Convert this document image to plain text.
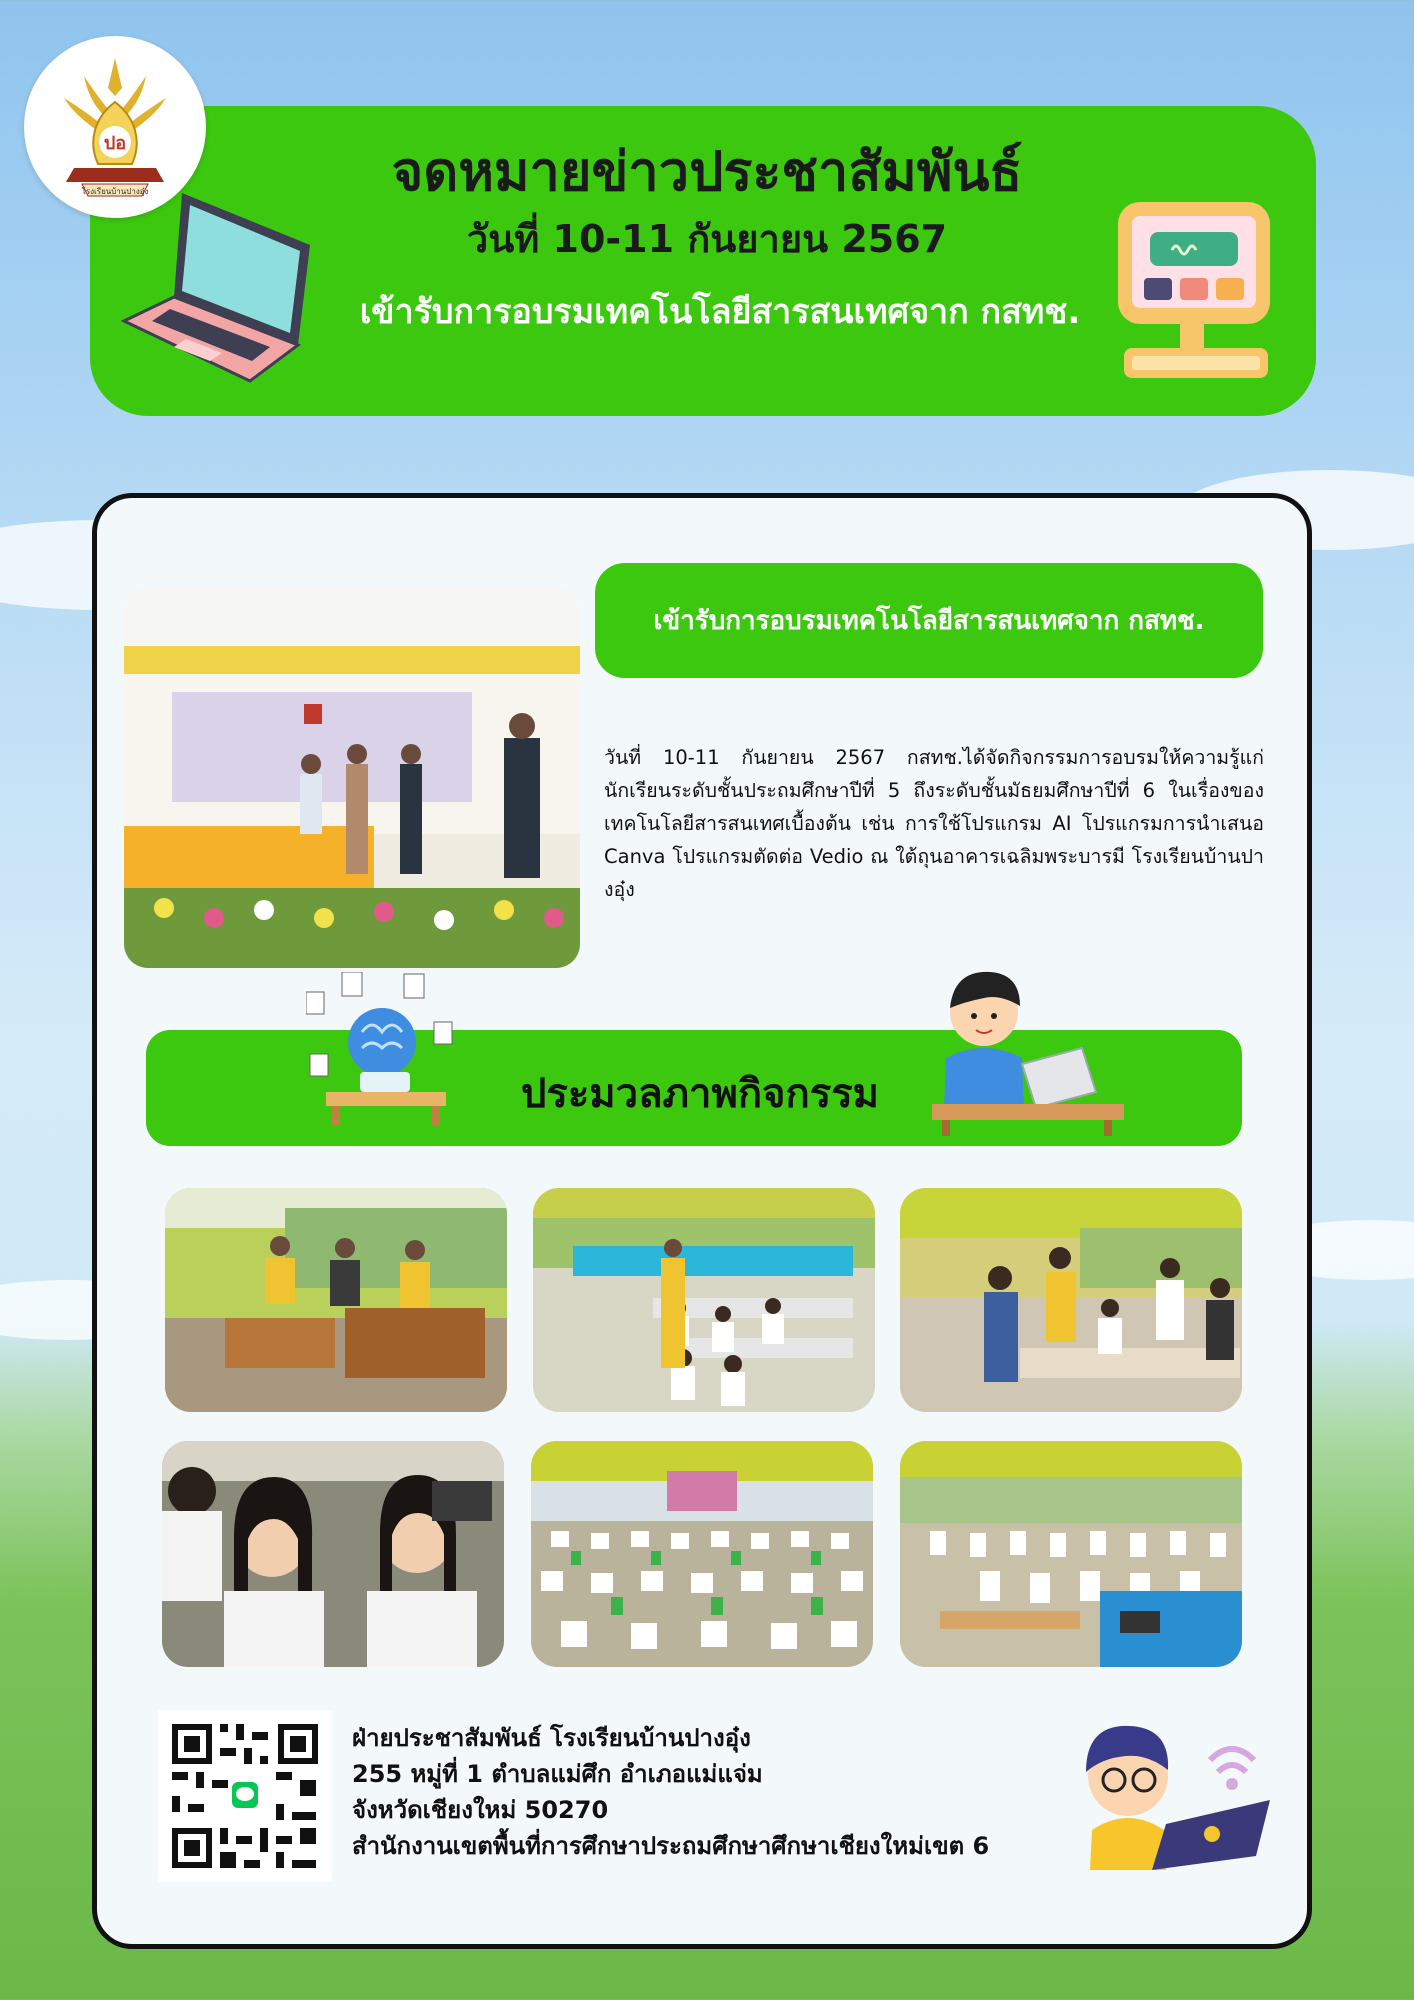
ปอ
โรงเรียนบ้านปางอุ๋ง	จดหมายข่าวประชาสัมพันธ์
วันที่ 10-11 กันยายน 2567
เข้ารับการอบรมเทคโนโลยีสารสนเทศจาก กสทช.
เข้ารับการอบรมเทคโนโลยีสารสนเทศจาก กสทช.
วันที่ 10-11 กันยายน 2567 กสทช.ได้จัดกิจกรรมการอบรมให้ความรู้แก่นักเรียนระดับชั้นประถมศึกษาปีที่ 5 ถึงระดับชั้นมัธยมศึกษาปีที่ 6 ในเรื่องของเทคโนโลยีสารสนเทศเบื้องต้น เช่น การใช้โปรแกรม AI โปรแกรมการนำเสนอ Canva โปรแกรมตัดต่อ Vedio ณ ใต้ถุนอาคารเฉลิมพระบารมี โรงเรียนบ้านปางอุ๋ง
ประมวลภาพกิจกรรม
ฝ่ายประชาสัมพันธ์ โรงเรียนบ้านปางอุ๋ง
255 หมู่ที่ 1 ตำบลแม่ศึก อำเภอแม่แจ่ม
จังหวัดเชียงใหม่ 50270
สำนักงานเขตพื้นที่การศึกษาประถมศึกษาศึกษาเชียงใหม่เขต 6
